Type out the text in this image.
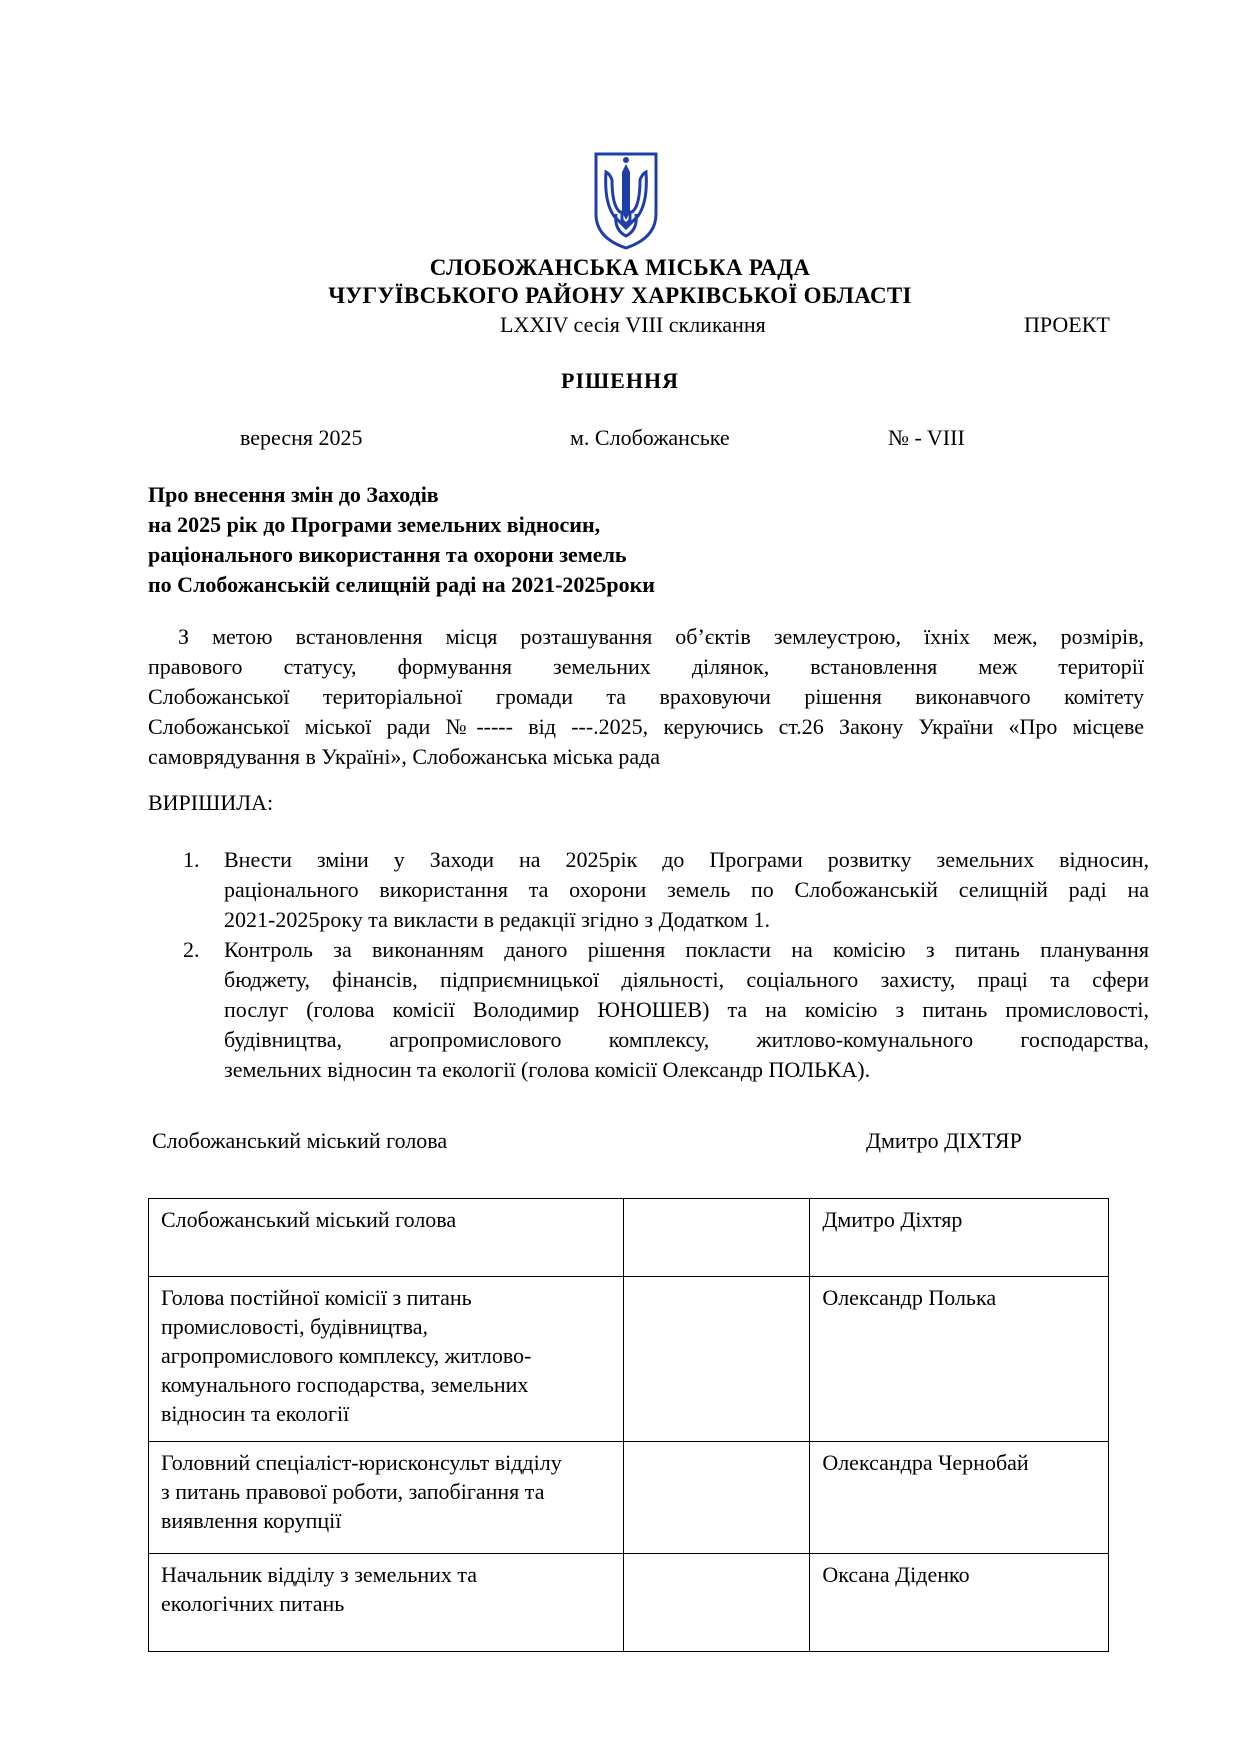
СЛОБОЖАНСЬКА МІСЬКА РАДА
ЧУГУЇВСЬКОГО РАЙОНУ ХАРКІВСЬКОЇ ОБЛАСТІ
LXXIV сесія VIII скликання	ПРОЕКТ
РІШЕННЯ
вересня 2025	м. Слобожанське	№ - VIII
Про внесення змін до Заходів
на 2025 рік до Програми земельних відносин,
раціонального використання та охорони земель
по Слобожанській селищній раді на 2021-2025роки
З метою встановлення місця розташування об’єктів землеустрою, їхніх меж, розмірів,
правового статусу, формування земельних ділянок, встановлення меж території
Слобожанської територіальної громади та враховуючи рішення виконавчого комітету
Слобожанської міської ради №----- від ---.2025, керуючись ст.26 Закону України «Про місцеве
самоврядування в Україні», Слобожанська міська рада
ВИРІШИЛА:
1.	Внести зміни у Заходи на 2025рік до Програми розвитку земельних відносин,
раціонального використання та охорони земель по Слобожанській селищній раді на
2021-2025року та викласти в редакції згідно з Додатком 1.
2.	Контроль за виконанням даного рішення покласти на комісію з питань планування
бюджету, фінансів, підприємницької діяльності, соціального захисту, праці та сфери
послуг (голова комісії Володимир ЮНОШЕВ) та на комісію з питань промисловості,
будівництва, агропромислового комплексу, житлово-комунального господарства,
земельних відносин та екології (голова комісії Олександр ПОЛЬКА).
Слобожанський міський голова	Дмитро ДІХТЯР
Слобожанський міський голова		Дмитро Діхтяр

Голова постійної комісії з питань
промисловості, будівництва,
агропромислового комплексу, житлово-
комунального господарства, земельних
відносин та екології		Олександр Полька

Головний спеціаліст-юрисконсульт відділу
з питань правової роботи, запобігання та
виявлення корупції		Олександра Чернобай

Начальник відділу з земельних та
екологічних питань		Оксана Діденко
